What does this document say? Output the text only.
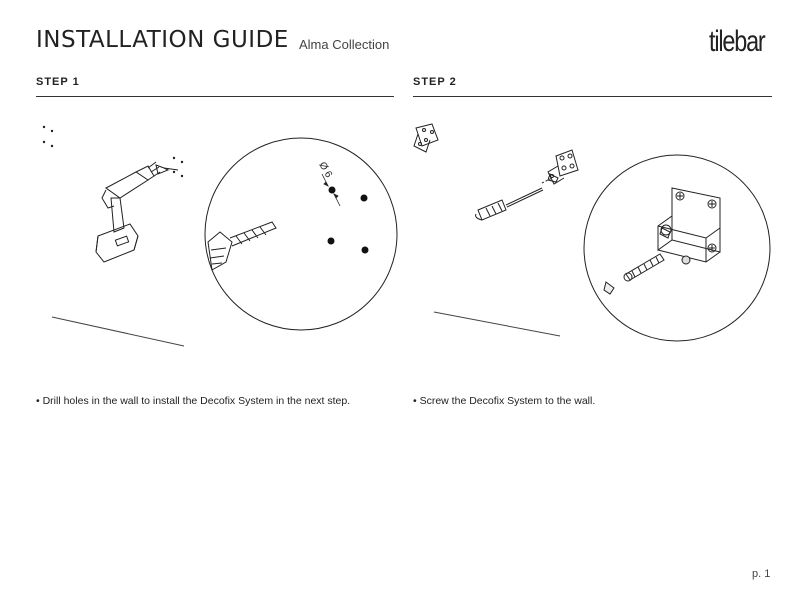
INSTALLATION GUIDE Alma Collection	tilebar
STEP 1
Ø 6
• Drill holes in the wall to install the Decofix System in the next step.
STEP 2
• Screw the Decofix System to the wall.
p. 1
